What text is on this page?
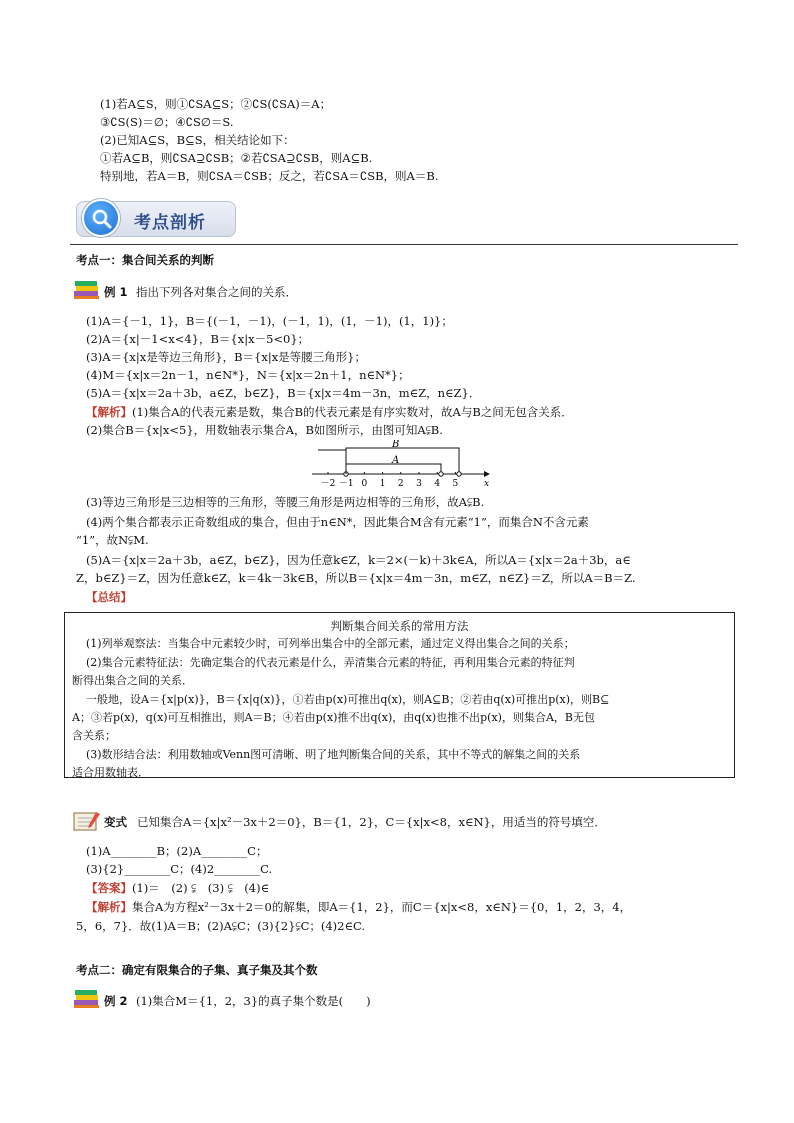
(1)若A⊆S，则①∁SA⊆S；②∁S(∁SA)＝A；
③∁S(S)＝∅；④∁S∅＝S.
(2)已知A⊆S，B⊆S，相关结论如下：
①若A⊆B，则∁SA⊇∁SB；②若∁SA⊇∁SB，则A⊆B.
特别地，若A＝B，则∁SA＝∁SB；反之，若∁SA＝∁SB，则A＝B.
考点剖析
考点一：集合间关系的判断
例 1 指出下列各对集合之间的关系．
(1)A＝{－1，1}，B＝{(－1，－1)，(－1，1)，(1，－1)，(1，1)}；
(2)A＝{x|－1<x<4}，B＝{x|x－5<0}；
(3)A＝{x|x是等边三角形}，B＝{x|x是等腰三角形}；
(4)M＝{x|x＝2n－1，n∈N*}，N＝{x|x＝2n＋1，n∈N*}；
(5)A＝{x|x＝2a＋3b，a∈Z，b∈Z}，B＝{x|x＝4m－3n，m∈Z，n∈Z}．
【解析】(1)集合A的代表元素是数，集合B的代表元素是有序实数对，故A与B之间无包含关系．
(2)集合B＝{x|x<5}，用数轴表示集合A，B如图所示，由图可知A⫋B.
－2 －1 0 1 2 3 4 5
B
A
x
(3)等边三角形是三边相等的三角形，等腰三角形是两边相等的三角形，故A⫋B.
(4)两个集合都表示正奇数组成的集合，但由于n∈N*，因此集合M含有元素“1”，而集合N不含元素
“1”，故N⫋M.
(5)A＝{x|x＝2a＋3b，a∈Z，b∈Z}，因为任意k∈Z，k＝2×(－k)＋3k∈A，所以A＝{x|x＝2a＋3b，a∈
Z，b∈Z}＝Z，因为任意k∈Z，k＝4k－3k∈B，所以B＝{x|x＝4m－3n，m∈Z，n∈Z}＝Z，所以A＝B＝Z.
【总结】
判断集合间关系的常用方法
(1)列举观察法：当集合中元素较少时，可列举出集合中的全部元素，通过定义得出集合之间的关系；
(2)集合元素特征法：先确定集合的代表元素是什么，弄清集合元素的特征，再利用集合元素的特征判
断得出集合之间的关系．
一般地，设A＝{x|p(x)}，B＝{x|q(x)}，①若由p(x)可推出q(x)，则A⊆B；②若由q(x)可推出p(x)，则B⊆
A；③若p(x)，q(x)可互相推出，则A＝B；④若由p(x)推不出q(x)，由q(x)也推不出p(x)，则集合A，B无包
含关系；
(3)数形结合法：利用数轴或Venn图可清晰、明了地判断集合间的关系，其中不等式的解集之间的关系
适合用数轴表．
变式 已知集合A＝{x|x²－3x＋2＝0}，B＝{1，2}，C＝{x|x<8，x∈N}，用适当的符号填空．
(1)A________B；(2)A________C；
(3){2}________C；(4)2________C.
【答案】(1)＝　(2) ⫋　(3) ⫋　(4)∈
【解析】集合A为方程x²－3x＋2＝0的解集，即A＝{1，2}，而C＝{x|x<8，x∈N}＝{0，1，2，3，4，
5，6，7}．故(1)A＝B；(2)A⫋C；(3){2}⫋C；(4)2∈C.
考点二：确定有限集合的子集、真子集及其个数
例 2 (1)集合M＝{1，2，3}的真子集个数是(　　)
